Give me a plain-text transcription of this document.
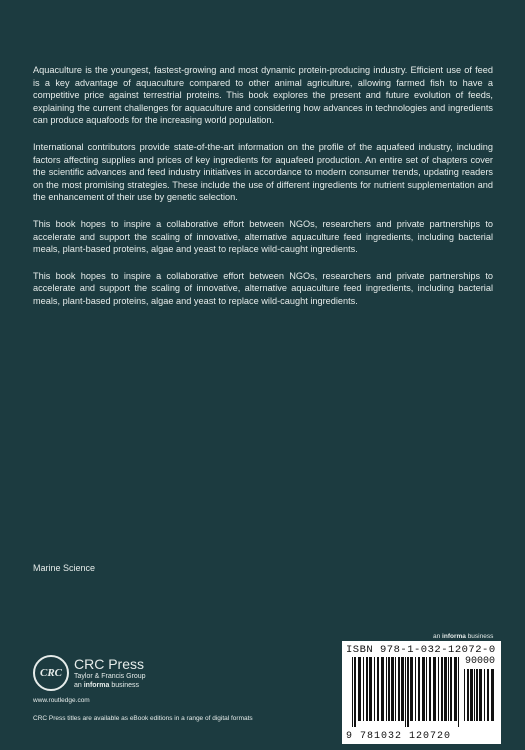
Aquaculture is the youngest, fastest-growing and most dynamic protein-producing industry. Efficient use of feed is a key advantage of aquaculture compared to other animal agriculture, allowing farmed fish to have a competitive price against terrestrial proteins. This book explores the present and future evolution of feeds, explaining the current challenges for aquaculture and considering how advances in technologies and ingredients can produce aquafoods for the increasing world population.

International contributors provide state-of-the-art information on the profile of the aquafeed industry, including factors affecting supplies and prices of key ingredients for aquafeed production. An entire set of chapters cover the scientific advances and feed industry initiatives in accordance to modern consumer trends, updating readers on the most promising strategies. These include the use of different ingredients for nutrient supplementation and the enhancement of their use by genetic selection.

This book hopes to inspire a collaborative effort between NGOs, researchers and private partnerships to accelerate and support the scaling of innovative, alternative aquaculture feed ingredients, including bacterial meals, plant-based proteins, algae and yeast to replace wild-caught ingredients.

This book hopes to inspire a collaborative effort between NGOs, researchers and private partnerships to accelerate and support the scaling of innovative, alternative aquaculture feed ingredients, including bacterial meals, plant-based proteins, algae and yeast to replace wild-caught ingredients.

Marine Science
CRC
CRC Press
Taylor & Francis Group
an informa business
www.routledge.com
CRC Press titles are available as eBook editions in a range of digital formats
an informa business
ISBN 978-1-032-12072-0
90000
9 781032 120720
